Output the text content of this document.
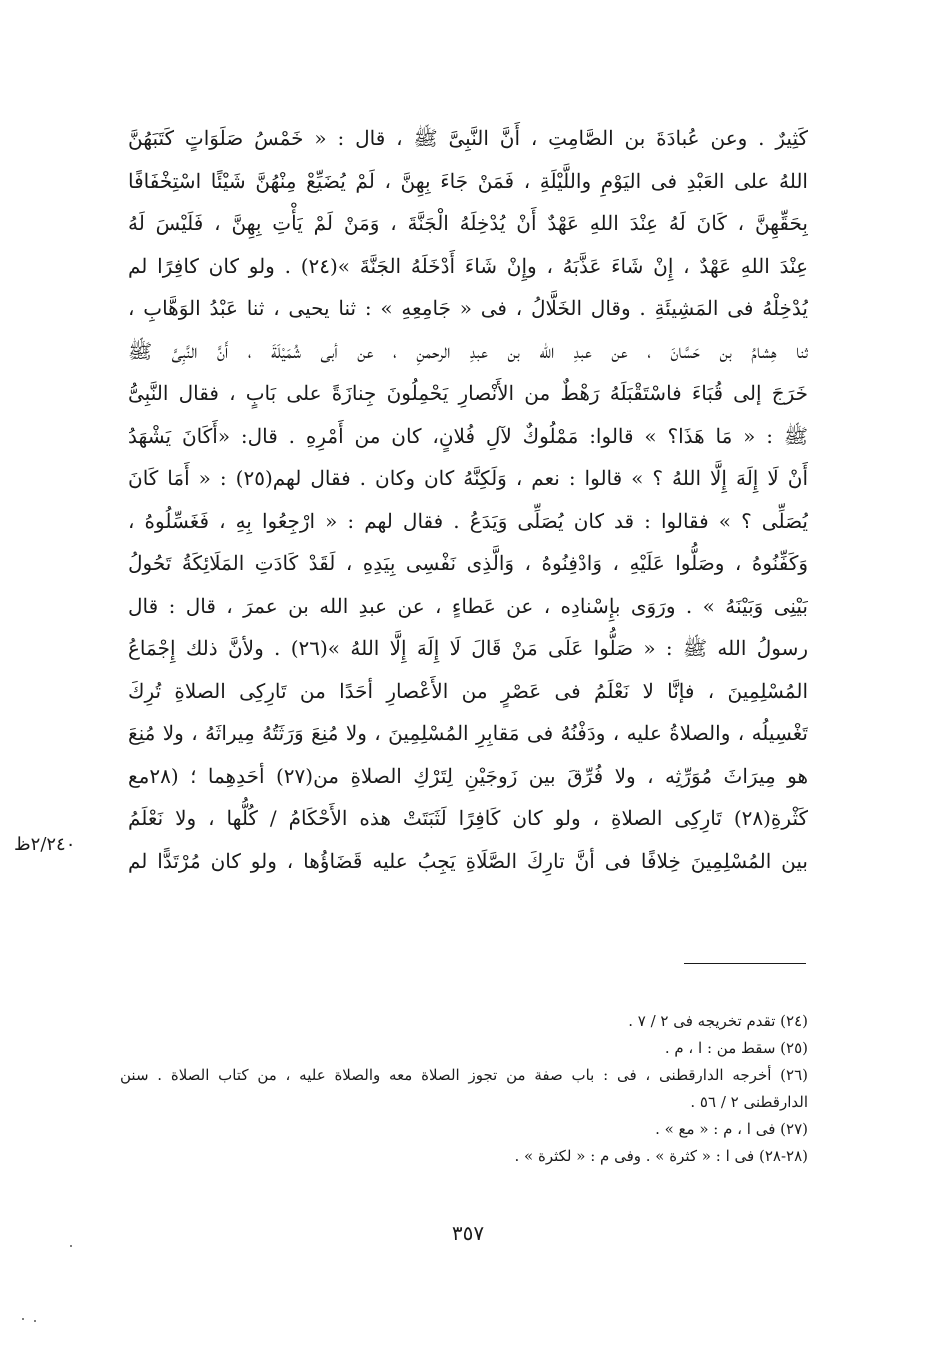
كَثِيرٌ . وعن عُبادَةَ بن الصَّامِتِ ، أَنَّ النَّبِىَّ ﷺ ، قال : « خَمْسُ صَلَوَاتٍ كَتَبَهُنَّ
اللهُ على العَبْدِ فى اليَوْمِ واللَّيْلَةِ ، فَمَنْ جَاءَ بِهِنَّ ، لَمْ يُضَيِّعْ مِنْهُنَّ شَيْئًا اسْتِخْفَافًا
بِحَقِّهِنَّ ، كَانَ لَهُ عِنْدَ اللهِ عَهْدٌ أَنْ يُدْخِلَهُ الْجَنَّةَ ، وَمَنْ لَمْ يَأْتِ بِهِنَّ ، فَلَيْسَ لَهُ
عِنْدَ اللهِ عَهْدٌ ، إِنْ شَاءَ عَذَّبَهُ ، وإِنْ شَاءَ أَدْخَلَهُ الجَنَّةَ »(٢٤) . ولو كان كافِرًا لم
يُدْخِلْهُ فى المَشِيئَةِ . وقال الخَلَّالُ ، فى « جَامِعِهِ » : ثنا يحيى ، ثنا عَبْدُ الوَهَّابِ ،
ثنا هِشامُ بن حَسَّانَ ، عن عبدِ الله بن عبدِ الرحمنِ ، عن أبى شُمَيْلَةَ ، أَنَّ النَّبِىَّ ﷺ
خَرَجَ إلى قُبَاءَ فاسْتَقْبَلَهُ رَهْطٌ من الأَنْصارِ يَحْمِلُونَ جِنازَةً على بَابٍ ، فقال النَّبِىُّ
ﷺ : « مَا هَذَا؟ » قالوا: مَمْلُوكٌ لآلِ فُلانٍ، كان من أَمْرِهِ . قال: «أَكَانَ يَشْهَدُ
أَنْ لَا إِلَهَ إِلَّا اللهُ ؟ » قالوا : نعم ، وَلَكِنَّهُ كان وكان . فقال لهم(٢٥) : « أَمَا كَانَ
يُصَلِّى ؟ » فقالوا : قد كان يُصَلِّى وَيَدَعُ . فقال لهم : « ارْجِعُوا بِهِ ، فَغَسِّلُوهُ ،
وَكَفِّنُوهُ ، وصَلُّوا عَلَيْهِ ، وَادْفِنُوهُ ، وَالَّذِى نَفْسِى بِيَدِهِ ، لَقَدْ كَادَتِ المَلَائِكَةُ تَحُولُ
بَيْنِى وَبَيْنَهُ » . ورَوَى بإِسْنادِه ، عن عَطاءٍ ، عن عبدِ الله بن عمرَ ، قال : قال
رسولُ الله ﷺ : « صَلُّوا عَلَى مَنْ قَالَ لَا إِلَهَ إِلَّا اللهُ »(٢٦) . ولأنَّ ذلك إِجْمَاعُ
المُسْلِمِينَ ، فإنَّا لا نَعْلَمُ فى عَصْرٍ من الأَعْصارِ أحَدًا من تَارِكِى الصلاةِ تُرِكَ
تَغْسِيلُه ، والصلاةُ عليه ، ودَفْنُهُ فى مَقابِرِ المُسْلِمِينَ ، ولا مُنِعَ وَرَثَتُهُ مِيراثَهُ ، ولا مُنِعَ
هو مِيرَاثَ مُوَرِّثِه ، ولا فُرِّقَ بين زَوجَيْنِ لِتَرْكِ الصلاةِ من(٢٧) أحَدِهِما ؛ (٢٨مع
كَثْرةِ(٢٨) تَارِكِى الصلاةِ ، ولو كان كَافِرًا لَثَبَتَتْ هذه الأَحْكَامُ / كُلُّها ، ولا نَعْلَمُ
بين المُسْلِمِينَ خِلافًا فى أنَّ تارِكَ الصَّلَاةِ يَجِبُ عليه قَضَاؤُها ، ولو كان مُرْتَدًّا لم
٢/٢٤٠ظ
(٢٤) تقدم تخريجه فى ٢ / ٧ .
(٢٥) سقط من : ا ، م .
(٢٦) أخرجه الدارقطنى ، فى : باب صفة من تجوز الصلاة معه والصلاة عليه ، من كتاب الصلاة . سنن
الدارقطنى ٢ / ٥٦ .
(٢٧) فى ا ، م : « مع » .
(٢٨-٢٨) فى ا : « كثرة » . وفى م : « لكثرة » .
٣٥٧
